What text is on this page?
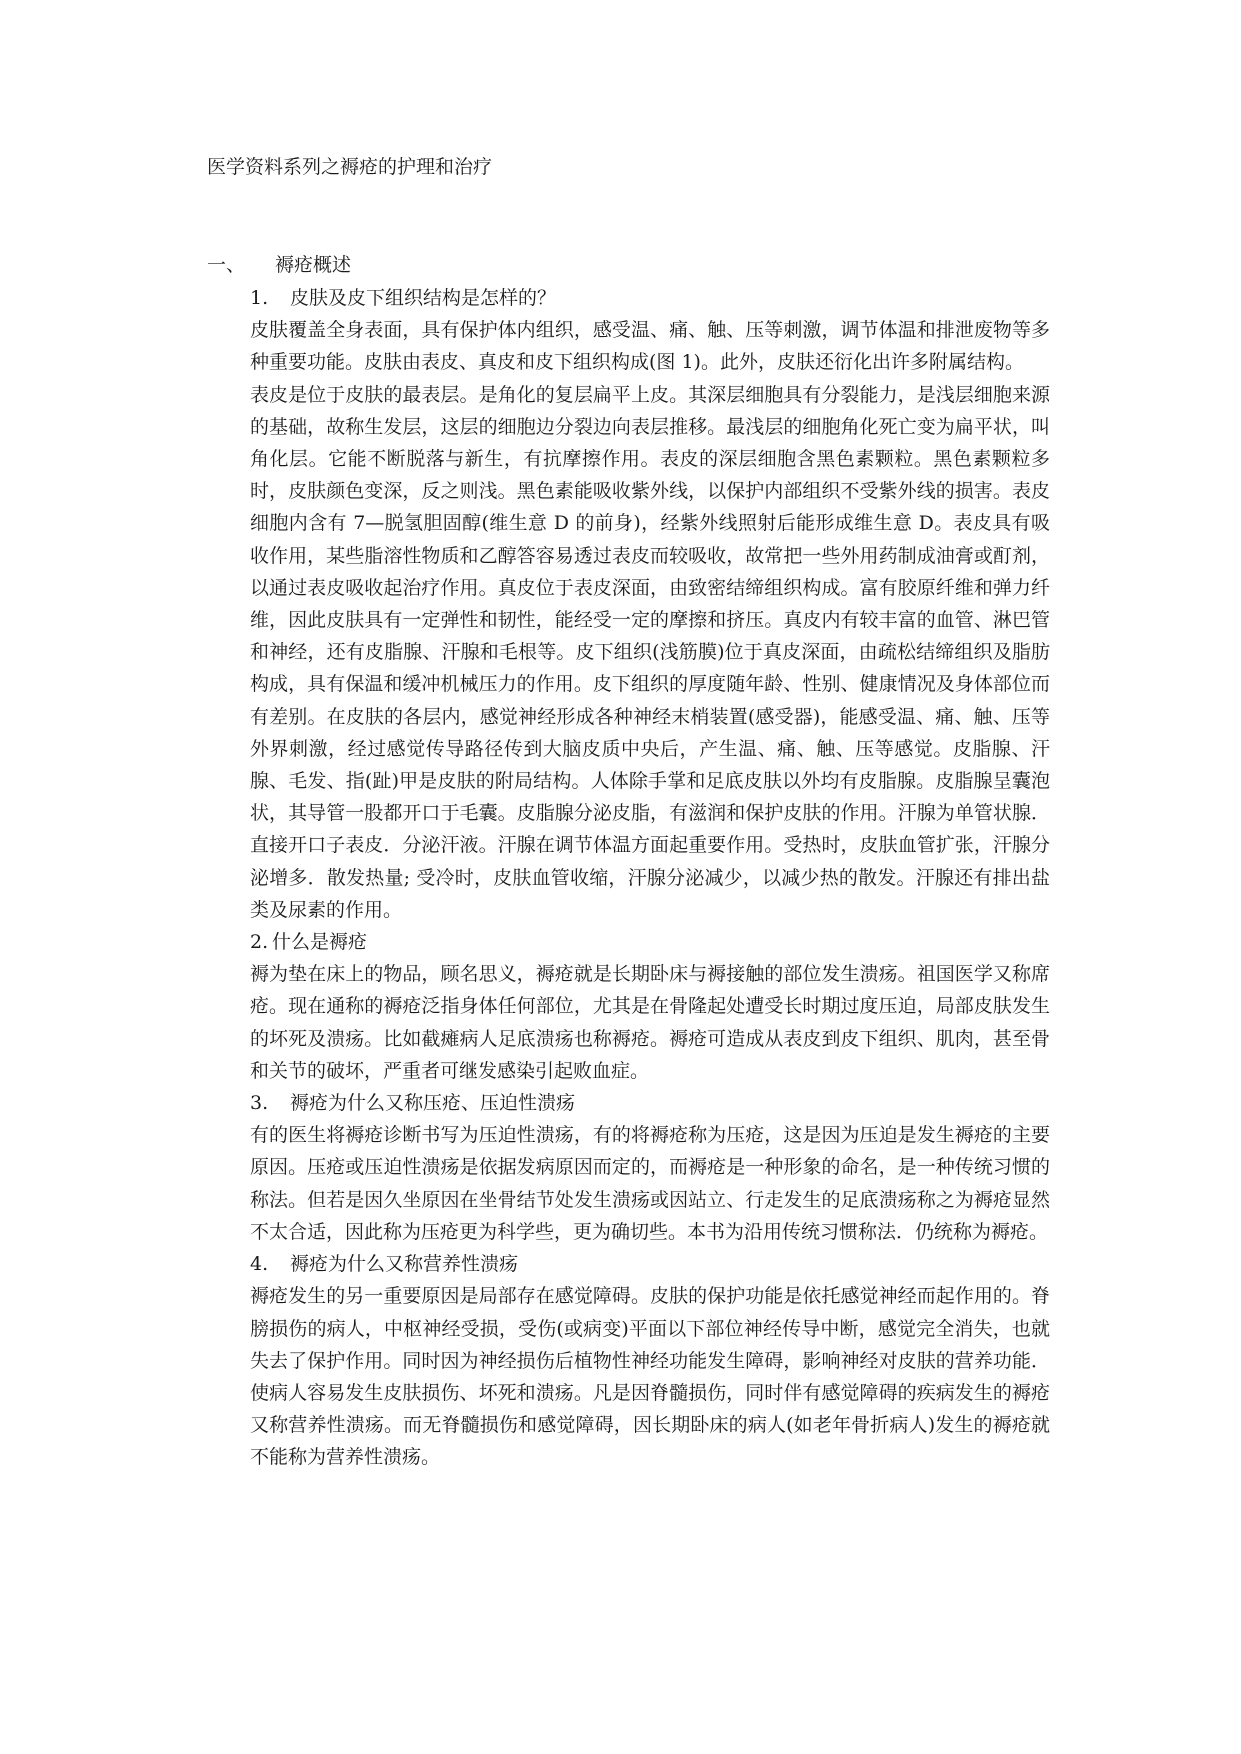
医学资料系列之褥疮的护理和治疗
一、 褥疮概述
1. 皮肤及皮下组织结构是怎样的？

皮肤覆盖全身表面，具有保护体内组织，感受温、痛、触、压等刺激，调节体温和排泄废物等多种重要功能。皮肤由表皮、真皮和皮下组织构成(图 1)。此外，皮肤还衍化出许多附属结构。

表皮是位于皮肤的最表层。是角化的复层扁平上皮。其深层细胞具有分裂能力，是浅层细胞来源的基础，故称生发层，这层的细胞边分裂边向表层推移。最浅层的细胞角化死亡变为扁平状，叫角化层。它能不断脱落与新生，有抗摩擦作用。表皮的深层细胞含黑色素颗粒。黑色素颗粒多时，皮肤颜色变深，反之则浅。黑色素能吸收紫外线，以保护内部组织不受紫外线的损害。表皮细胞内含有 7—脱氢胆固醇(维生意 D 的前身)，经紫外线照射后能形成维生意 D。表皮具有吸收作用，某些脂溶性物质和乙醇答容易透过表皮而较吸收，故常把一些外用药制成油膏或酊剂，以通过表皮吸收起治疗作用。真皮位于表皮深面，由致密结缔组织构成。富有胶原纤维和弹力纤维，因此皮肤具有一定弹性和韧性，能经受一定的摩擦和挤压。真皮内有较丰富的血管、淋巴管和神经，还有皮脂腺、汗腺和毛根等。皮下组织(浅筋膜)位于真皮深面，由疏松结缔组织及脂肪构成，具有保温和缓冲机械压力的作用。皮下组织的厚度随年龄、性别、健康情况及身体部位而有差别。在皮肤的各层内，感觉神经形成各种神经末梢装置(感受器)，能感受温、痛、触、压等外界刺激，经过感觉传导路径传到大脑皮质中央后，产生温、痛、触、压等感觉。皮脂腺、汗腺、毛发、指(趾)甲是皮肤的附局结构。人体除手掌和足底皮肤以外均有皮脂腺。皮脂腺呈囊泡状，其导管一股都开口于毛囊。皮脂腺分泌皮脂，有滋润和保护皮肤的作用。汗腺为单管状腺．直接开口子表皮．分泌汗液。汗腺在调节体温方面起重要作用。受热时，皮肤血管扩张，汗腺分泌增多．散发热量; 受冷时，皮肤血管收缩，汗腺分泌减少，以减少热的散发。汗腺还有排出盐类及尿素的作用。

2. 什么是褥疮

褥为垫在床上的物品，顾名思义，褥疮就是长期卧床与褥接触的部位发生溃疡。祖国医学又称席疮。现在通称的褥疮泛指身体任何部位，尤其是在骨隆起处遭受长时期过度压迫，局部皮肤发生的坏死及溃疡。比如截瘫病人足底溃疡也称褥疮。褥疮可造成从表皮到皮下组织、肌肉，甚至骨和关节的破坏，严重者可继发感染引起败血症。

3. 褥疮为什么又称压疮、压迫性溃疡

有的医生将褥疮诊断书写为压迫性溃疡，有的将褥疮称为压疮，这是因为压迫是发生褥疮的主要原因。压疮或压迫性溃疡是依据发病原因而定的，而褥疮是一种形象的命名，是一种传统习惯的称法。但若是因久坐原因在坐骨结节处发生溃疡或因站立、行走发生的足底溃疡称之为褥疮显然不太合适，因此称为压疮更为科学些，更为确切些。本书为沿用传统习惯称法．仍统称为褥疮。

4. 褥疮为什么又称营养性溃疡

褥疮发生的另一重要原因是局部存在感觉障碍。皮肤的保护功能是依托感觉神经而起作用的。脊膀损伤的病人，中枢神经受损，受伤(或病变)平面以下部位神经传导中断，感觉完全消失，也就失去了保护作用。同时因为神经损伤后植物性神经功能发生障碍，影响神经对皮肤的营养功能．使病人容易发生皮肤损伤、坏死和溃疡。凡是因脊髓损伤，同时伴有感觉障碍的疾病发生的褥疮又称营养性溃疡。而无脊髓损伤和感觉障碍，因长期卧床的病人(如老年骨折病人)发生的褥疮就不能称为营养性溃疡。
